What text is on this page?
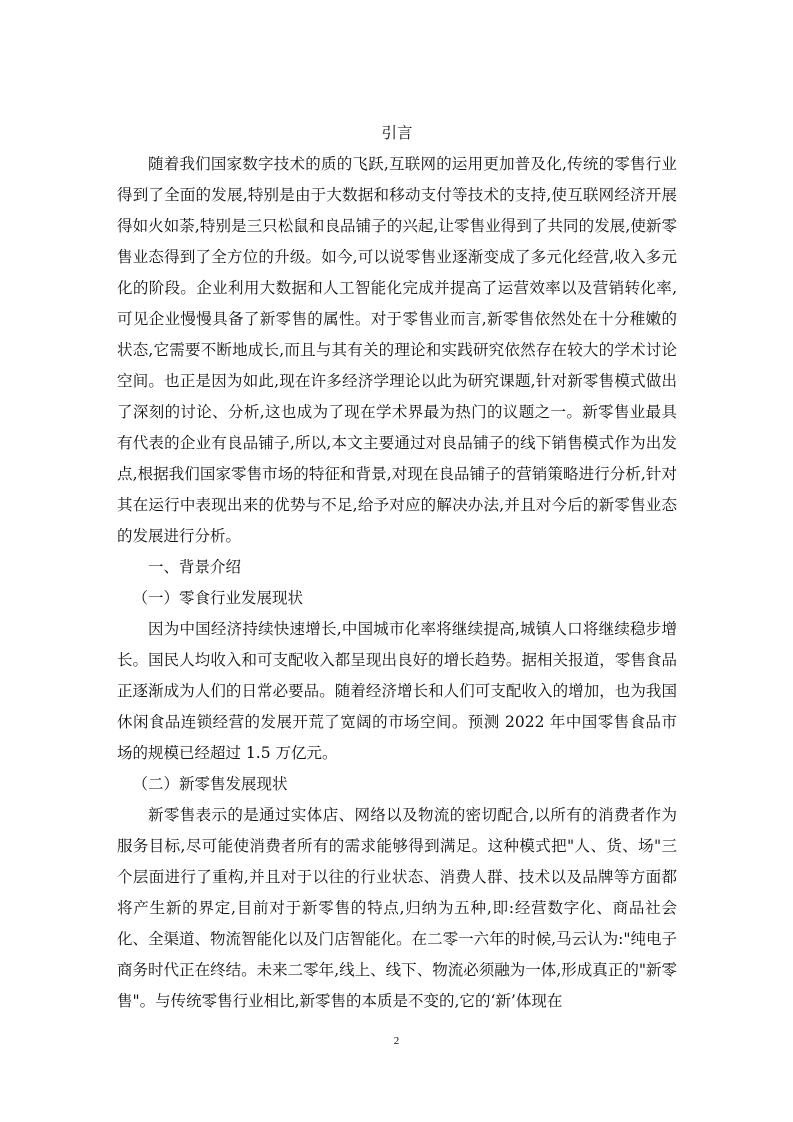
引言

随着我们国家数字技术的质的飞跃,互联网的运用更加普及化,传统的零售行业得到了全面的发展,特别是由于大数据和移动支付等技术的支持,使互联网经济开展得如火如荼,特别是三只松鼠和良品铺子的兴起,让零售业得到了共同的发展,使新零售业态得到了全方位的升级。如今,可以说零售业逐渐变成了多元化经营,收入多元化的阶段。企业利用大数据和人工智能化完成并提高了运营效率以及营销转化率,可见企业慢慢具备了新零售的属性。对于零售业而言,新零售依然处在十分稚嫩的状态,它需要不断地成长,而且与其有关的理论和实践研究依然存在较大的学术讨论空间。也正是因为如此,现在许多经济学理论以此为研究课题,针对新零售模式做出了深刻的讨论、分析,这也成为了现在学术界最为热门的议题之一。新零售业最具有代表的企业有良品铺子,所以,本文主要通过对良品铺子的线下销售模式作为出发点,根据我们国家零售市场的特征和背景,对现在良品铺子的营销策略进行分析,针对其在运行中表现出来的优势与不足,给予对应的解决办法,并且对今后的新零售业态的发展进行分析。

一、背景介绍

（一）零食行业发展现状

因为中国经济持续快速增长,中国城市化率将继续提高,城镇人口将继续稳步增长。国民人均收入和可支配收入都呈现出良好的增长趋势。据相关报道，零售食品正逐渐成为人们的日常必要品。随着经济增长和人们可支配收入的增加，也为我国休闲食品连锁经营的发展开荒了宽阔的市场空间。预测 2022 年中国零售食品市场的规模已经超过 1.5 万亿元。

（二）新零售发展现状

新零售表示的是通过实体店、网络以及物流的密切配合,以所有的消费者作为服务目标,尽可能使消费者所有的需求能够得到满足。这种模式把"人、货、场"三个层面进行了重构,并且对于以往的行业状态、消费人群、技术以及品牌等方面都将产生新的界定,目前对于新零售的特点,归纳为五种,即:经营数字化、商品社会化、全渠道、物流智能化以及门店智能化。在二零一六年的时候,马云认为:"纯电子商务时代正在终结。未来二零年,线上、线下、物流必须融为一体,形成真正的"新零售"。与传统零售行业相比,新零售的本质是不变的,它的‘新’体现在

2
